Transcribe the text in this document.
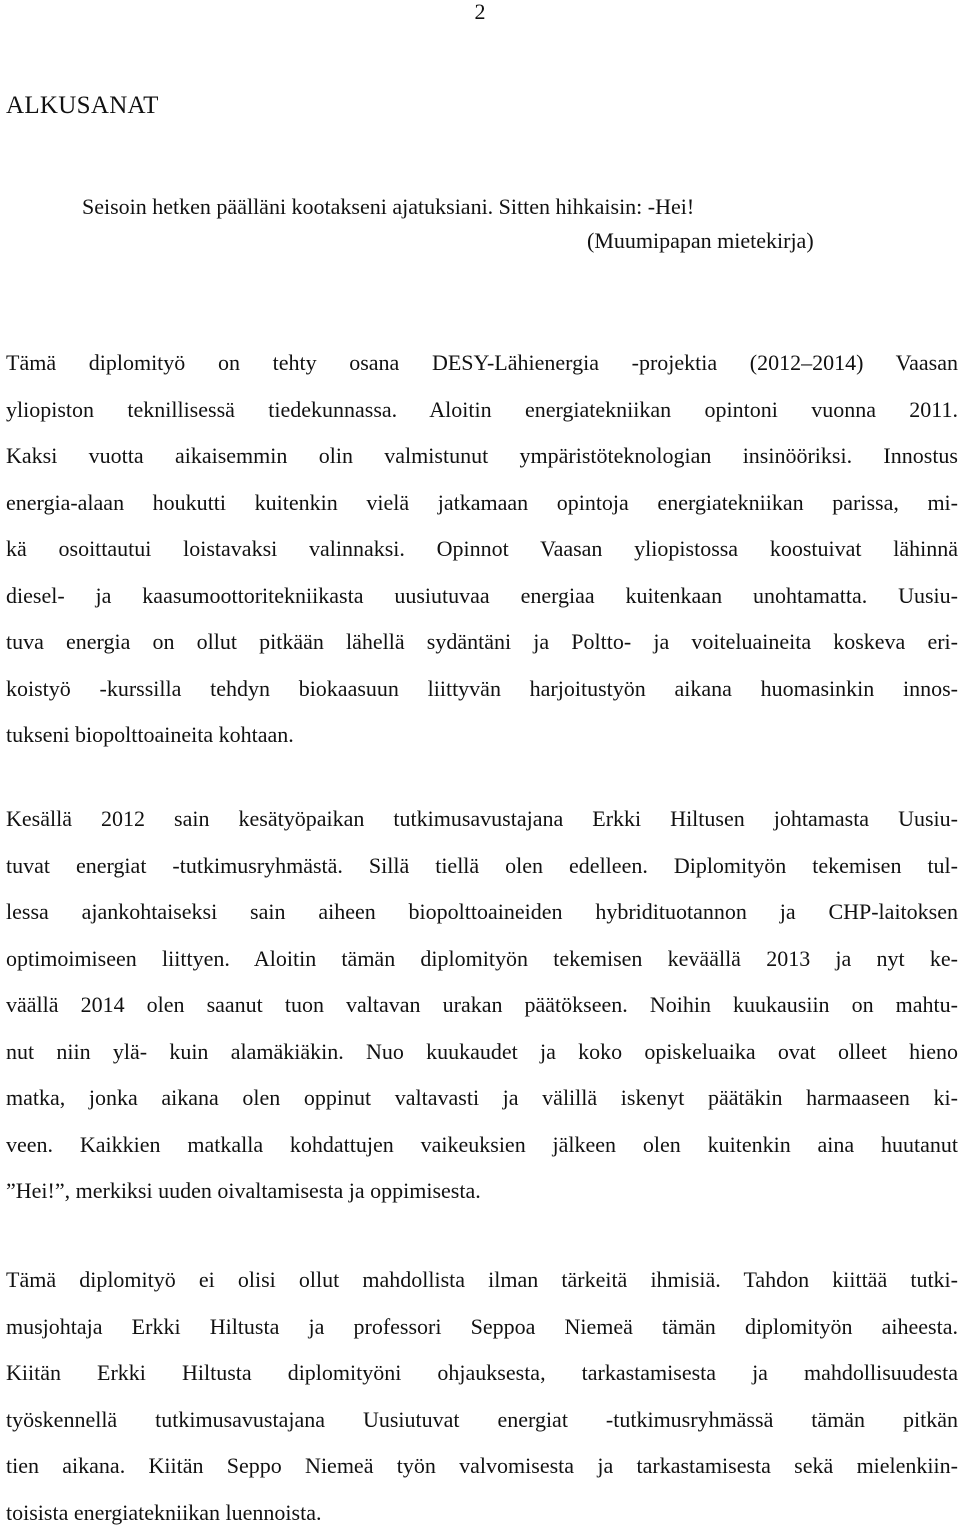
2
ALKUSANAT
Seisoin hetken päälläni kootakseni ajatuksiani. Sitten hihkaisin: -Hei!
(Muumipapan mietekirja)
Tämä diplomityö on tehty osana DESY-Lähienergia -projektia (2012–2014) Vaasan
yliopiston teknillisessä tiedekunnassa. Aloitin energiatekniikan opintoni vuonna 2011.
Kaksi vuotta aikaisemmin olin valmistunut ympäristöteknologian insinööriksi. Innostus
energia-alaan houkutti kuitenkin vielä jatkamaan opintoja energiatekniikan parissa, mi-
kä osoittautui loistavaksi valinnaksi. Opinnot Vaasan yliopistossa koostuivat lähinnä
diesel- ja kaasumoottoritekniikasta uusiutuvaa energiaa kuitenkaan unohtamatta. Uusiu-
tuva energia on ollut pitkään lähellä sydäntäni ja Poltto- ja voiteluaineita koskeva eri-
koistyö -kurssilla tehdyn biokaasuun liittyvän harjoitustyön aikana huomasinkin innos-
tukseni biopolttoaineita kohtaan.
Kesällä 2012 sain kesätyöpaikan tutkimusavustajana Erkki Hiltusen johtamasta Uusiu-
tuvat energiat -tutkimusryhmästä. Sillä tiellä olen edelleen. Diplomityön tekemisen tul-
lessa ajankohtaiseksi sain aiheen biopolttoaineiden hybridituotannon ja CHP-laitoksen
optimoimiseen liittyen. Aloitin tämän diplomityön tekemisen keväällä 2013 ja nyt ke-
väällä 2014 olen saanut tuon valtavan urakan päätökseen. Noihin kuukausiin on mahtu-
nut niin ylä- kuin alamäkiäkin. Nuo kuukaudet ja koko opiskeluaika ovat olleet hieno
matka, jonka aikana olen oppinut valtavasti ja välillä iskenyt päätäkin harmaaseen ki-
veen. Kaikkien matkalla kohdattujen vaikeuksien jälkeen olen kuitenkin aina huutanut
”Hei!”, merkiksi uuden oivaltamisesta ja oppimisesta.
Tämä diplomityö ei olisi ollut mahdollista ilman tärkeitä ihmisiä. Tahdon kiittää tutki-
musjohtaja Erkki Hiltusta ja professori Seppoa Niemeä tämän diplomityön aiheesta.
Kiitän Erkki Hiltusta diplomityöni ohjauksesta, tarkastamisesta ja mahdollisuudesta
työskennellä tutkimusavustajana Uusiutuvat energiat -tutkimusryhmässä tämän pitkän
tien aikana. Kiitän Seppo Niemeä työn valvomisesta ja tarkastamisesta sekä mielenkiin-
toisista energiatekniikan luennoista.
